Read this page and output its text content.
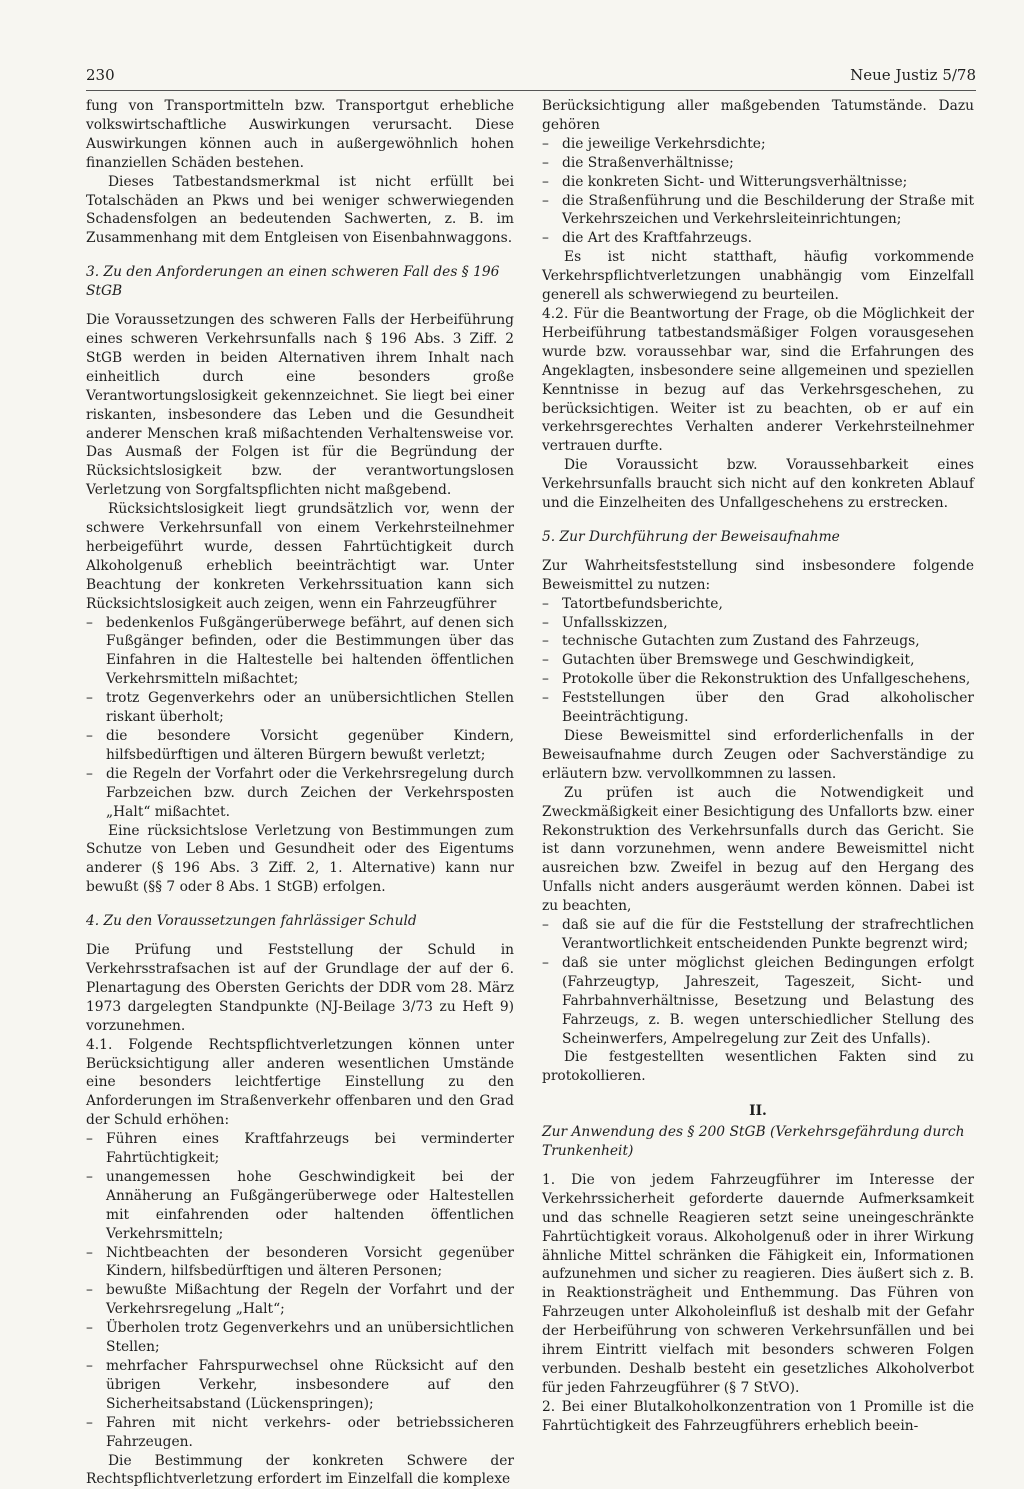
230	Neue Justiz 5/78

fung von Transportmitteln bzw. Transportgut erhebliche volkswirtschaftliche Auswirkungen verursacht. Diese Auswirkungen können auch in außergewöhnlich hohen finanziellen Schäden bestehen.

Dieses Tatbestandsmerkmal ist nicht erfüllt bei Totalschäden an Pkws und bei weniger schwerwiegenden Schadensfolgen an bedeutenden Sachwerten, z. B. im Zusammenhang mit dem Entgleisen von Eisenbahnwaggons.

3. Zu den Anforderungen an einen schweren Fall des § 196 StGB

Die Voraussetzungen des schweren Falls der Herbeiführung eines schweren Verkehrsunfalls nach § 196 Abs. 3 Ziff. 2 StGB werden in beiden Alternativen ihrem Inhalt nach einheitlich durch eine besonders große Verantwortungslosigkeit gekennzeichnet. Sie liegt bei einer riskanten, insbesondere das Leben und die Gesundheit anderer Menschen kraß mißachtenden Verhaltensweise vor. Das Ausmaß der Folgen ist für die Begründung der Rücksichtslosigkeit bzw. der verantwortungslosen Verletzung von Sorgfaltspflichten nicht maßgebend.

Rücksichtslosigkeit liegt grundsätzlich vor, wenn der schwere Verkehrsunfall von einem Verkehrsteilnehmer herbeigeführt wurde, dessen Fahrtüchtigkeit durch Alkoholgenuß erheblich beeinträchtigt war. Unter Beachtung der konkreten Verkehrssituation kann sich Rücksichtslosigkeit auch zeigen, wenn ein Fahrzeugführer

– bedenkenlos Fußgängerüberwege befährt, auf denen sich Fußgänger befinden, oder die Bestimmungen über das Einfahren in die Haltestelle bei haltenden öffentlichen Verkehrsmitteln mißachtet;
– trotz Gegenverkehrs oder an unübersichtlichen Stellen riskant überholt;
– die besondere Vorsicht gegenüber Kindern, hilfsbedürftigen und älteren Bürgern bewußt verletzt;
– die Regeln der Vorfahrt oder die Verkehrsregelung durch Farbzeichen bzw. durch Zeichen der Verkehrsposten „Halt“ mißachtet.

Eine rücksichtslose Verletzung von Bestimmungen zum Schutze von Leben und Gesundheit oder des Eigentums anderer (§ 196 Abs. 3 Ziff. 2, 1. Alternative) kann nur bewußt (§§ 7 oder 8 Abs. 1 StGB) erfolgen.

4. Zu den Voraussetzungen fahrlässiger Schuld

Die Prüfung und Feststellung der Schuld in Verkehrsstrafsachen ist auf der Grundlage der auf der 6. Plenartagung des Obersten Gerichts der DDR vom 28. März 1973 dargelegten Standpunkte (NJ-Beilage 3/73 zu Heft 9) vorzunehmen.

4.1. Folgende Rechtspflichtverletzungen können unter Berücksichtigung aller anderen wesentlichen Umstände eine besonders leichtfertige Einstellung zu den Anforderungen im Straßenverkehr offenbaren und den Grad der Schuld erhöhen:

– Führen eines Kraftfahrzeugs bei verminderter Fahrtüchtigkeit;
– unangemessen hohe Geschwindigkeit bei der Annäherung an Fußgängerüberwege oder Haltestellen mit einfahrenden oder haltenden öffentlichen Verkehrsmitteln;
– Nichtbeachten der besonderen Vorsicht gegenüber Kindern, hilfsbedürftigen und älteren Personen;
– bewußte Mißachtung der Regeln der Vorfahrt und der Verkehrsregelung „Halt“;
– Überholen trotz Gegenverkehrs und an unübersichtlichen Stellen;
– mehrfacher Fahrspurwechsel ohne Rücksicht auf den übrigen Verkehr, insbesondere auf den Sicherheitsabstand (Lückenspringen);
– Fahren mit nicht verkehrs- oder betriebssicheren Fahrzeugen.

Die Bestimmung der konkreten Schwere der Rechtspflichtverletzung erfordert im Einzelfall die komplexe

Berücksichtigung aller maßgebenden Tatumstände. Dazu gehören

– die jeweilige Verkehrsdichte;
– die Straßenverhältnisse;
– die konkreten Sicht- und Witterungsverhältnisse;
– die Straßenführung und die Beschilderung der Straße mit Verkehrszeichen und Verkehrsleiteinrichtungen;
– die Art des Kraftfahrzeugs.

Es ist nicht statthaft, häufig vorkommende Verkehrspflichtverletzungen unabhängig vom Einzelfall generell als schwerwiegend zu beurteilen.

4.2. Für die Beantwortung der Frage, ob die Möglichkeit der Herbeiführung tatbestandsmäßiger Folgen vorausgesehen wurde bzw. voraussehbar war, sind die Erfahrungen des Angeklagten, insbesondere seine allgemeinen und speziellen Kenntnisse in bezug auf das Verkehrsgeschehen, zu berücksichtigen. Weiter ist zu beachten, ob er auf ein verkehrsgerechtes Verhalten anderer Verkehrsteilnehmer vertrauen durfte.

Die Voraussicht bzw. Voraussehbarkeit eines Verkehrsunfalls braucht sich nicht auf den konkreten Ablauf und die Einzelheiten des Unfallgeschehens zu erstrecken.

5. Zur Durchführung der Beweisaufnahme

Zur Wahrheitsfeststellung sind insbesondere folgende Beweismittel zu nutzen:

– Tatortbefundsberichte,
– Unfallsskizzen,
– technische Gutachten zum Zustand des Fahrzeugs,
– Gutachten über Bremswege und Geschwindigkeit,
– Protokolle über die Rekonstruktion des Unfallgeschehens,
– Feststellungen über den Grad alkoholischer Beeinträchtigung.

Diese Beweismittel sind erforderlichenfalls in der Beweisaufnahme durch Zeugen oder Sachverständige zu erläutern bzw. vervollkommnen zu lassen.

Zu prüfen ist auch die Notwendigkeit und Zweckmäßigkeit einer Besichtigung des Unfallorts bzw. einer Rekonstruktion des Verkehrsunfalls durch das Gericht. Sie ist dann vorzunehmen, wenn andere Beweismittel nicht ausreichen bzw. Zweifel in bezug auf den Hergang des Unfalls nicht anders ausgeräumt werden können. Dabei ist zu beachten,

– daß sie auf die für die Feststellung der strafrechtlichen Verantwortlichkeit entscheidenden Punkte begrenzt wird;
– daß sie unter möglichst gleichen Bedingungen erfolgt (Fahrzeugtyp, Jahreszeit, Tageszeit, Sicht- und Fahrbahnverhältnisse, Besetzung und Belastung des Fahrzeugs, z. B. wegen unterschiedlicher Stellung des Scheinwerfers, Ampelregelung zur Zeit des Unfalls).

Die festgestellten wesentlichen Fakten sind zu protokollieren.

II.

Zur Anwendung des § 200 StGB (Verkehrsgefährdung durch Trunkenheit)

1. Die von jedem Fahrzeugführer im Interesse der Verkehrssicherheit geforderte dauernde Aufmerksamkeit und das schnelle Reagieren setzt seine uneingeschränkte Fahrtüchtigkeit voraus. Alkoholgenuß oder in ihrer Wirkung ähnliche Mittel schränken die Fähigkeit ein, Informationen aufzunehmen und sicher zu reagieren. Dies äußert sich z. B. in Reaktionsträgheit und Enthemmung. Das Führen von Fahrzeugen unter Alkoholeinfluß ist deshalb mit der Gefahr der Herbeiführung von schweren Verkehrsunfällen und bei ihrem Eintritt vielfach mit besonders schweren Folgen verbunden. Deshalb besteht ein gesetzliches Alkoholverbot für jeden Fahrzeugführer (§ 7 StVO).

2. Bei einer Blutalkoholkonzentration von 1 Promille ist die Fahrtüchtigkeit des Fahrzeugführers erheblich beein-
